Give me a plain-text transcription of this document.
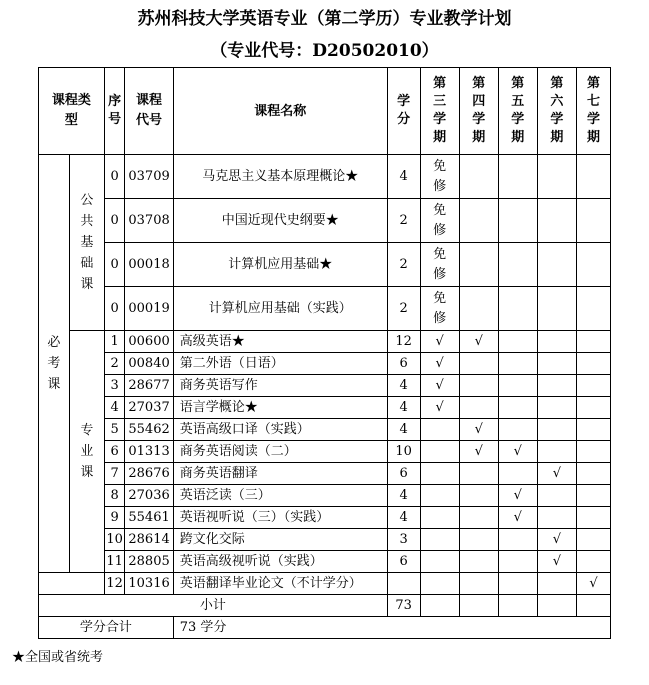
苏州科技大学英语专业（第二学历）专业教学计划
（专业代号：D20502010）
课程类型		序号	课程代号	课程名称	学分	第三学期	第四学期	第五学期	第六学期	第七学期
必考课	公共基础课	0	03709	马克思主义基本原理概论★	4	免修				
		0	03708	中国近现代史纲要★	2	免修				
		0	00018	计算机应用基础★	2	免修				
		0	00019	计算机应用基础（实践）	2	免修				
	专业课	1	00600	高级英语★	12	√	√			
		2	00840	第二外语（日语）	6	√				
		3	28677	商务英语写作	4	√				
		4	27037	语言学概论★	4	√				
		5	55462	英语高级口译（实践）	4		√			
		6	01313	商务英语阅读（二）	10		√	√		
		7	28676	商务英语翻译	6				√	
		8	27036	英语泛读（三）	4			√		
		9	55461	英语视听说（三）（实践）	4			√		
		10	28614	跨文化交际	3				√	
		11	28805	英语高级视听说（实践）	6				√	
		12	10316	英语翻译毕业论文（不计学分）						√
小计					73					
学分合计				73 学分						
★全国或省统考
